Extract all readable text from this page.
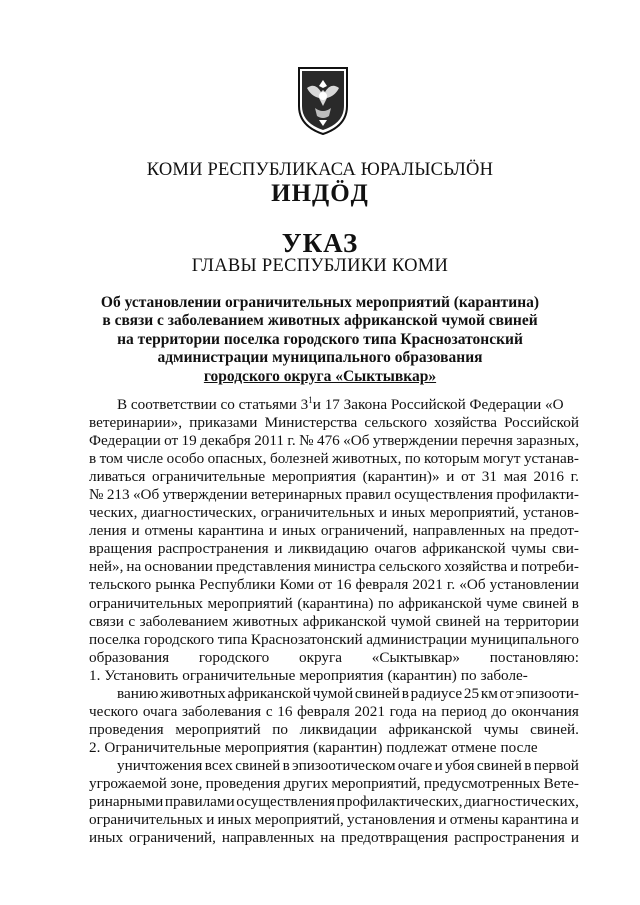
КОМИ РЕСПУБЛИКАСА ЮРАЛЫСЬЛÖН
ИНДÖД
УКАЗ
ГЛАВЫ РЕСПУБЛИКИ КОМИ
Об установлении ограничительных мероприятий (карантина)
в связи с заболеванием животных африканской чумой свиней
на территории поселка городского типа Краснозатонский
администрации муниципального образования
городского округа «Сыктывкар»
В соответствии со статьями $3^1и$ 17 Закона Российской Федерации «О
ветеринарии», приказами Министерства сельского хозяйства Российской
Федерации от 19 декабря 2011 г. № 476 «Об утверждении перечня заразных,
в том числе особо опасных, болезней животных, по которым могут устанав-
ливаться ограничительные мероприятия (карантин)» и от 31 мая 2016 г.
№ 213 «Об утверждении ветеринарных правил осуществления профилакти-
ческих, диагностических, ограничительных и иных мероприятий, установ-
ления и отмены карантина и иных ограничений, направленных на предот-
вращения распространения и ликвидацию очагов африканской чумы сви-
ней», на основании представления министра сельского хозяйства и потреби-
тельского рынка Республики Коми от 16 февраля 2021 г. «Об установлении
ограничительных мероприятий (карантина) по африканской чуме свиней в
связи с заболеванием животных африканской чумой свиней на территории
поселка городского типа Краснозатонский администрации муниципального
образования городского округа «Сыктывкар» постановляю:
1. Установить ограничительные мероприятия (карантин) по заболе-
ванию животных африканской чумой свиней в радиусе 25 км от эпизооти-
ческого очага заболевания с 16 февраля 2021 года на период до окончания
проведения мероприятий по ликвидации африканской чумы свиней.
2. Ограничительные мероприятия (карантин) подлежат отмене после
уничтожения всех свиней в эпизоотическом очаге и убоя свиней в первой
угрожаемой зоне, проведения других мероприятий, предусмотренных Вете-
ринарными правилами осуществления профилактических, диагностических,
ограничительных и иных мероприятий, установления и отмены карантина и
иных ограничений, направленных на предотвращения распространения и
